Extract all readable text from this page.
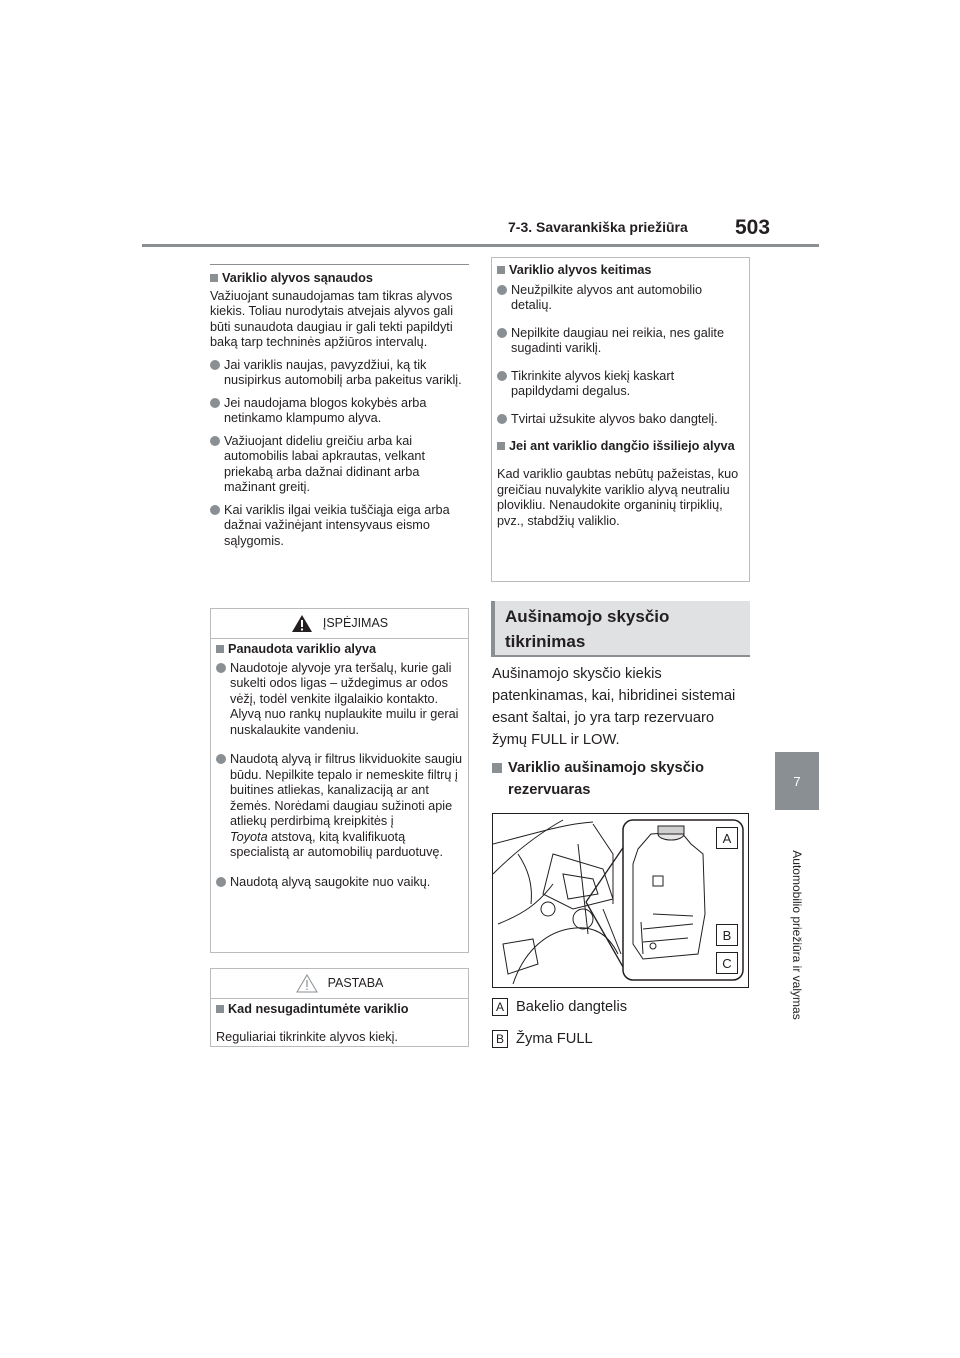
7-3. Savarankiška priežiūra 503
7
Automobilio priežiūra ir valymas
Variklio alyvos sąnaudos

Važiuojant sunaudojamas tam tikras alyvos kiekis. Toliau nurodytais atvejais alyvos gali būti sunaudota daugiau ir gali tekti papildyti baką tarp techninės apžiūros intervalų.

Jai variklis naujas, pavyzdžiui, ką tik nusipirkus automobilį arba pakeitus variklį.
Jei naudojama blogos kokybės arba netinkamo klampumo alyva.
Važiuojant dideliu greičiu arba kai automobilis labai apkrautas, velkant priekabą arba dažnai didinant arba mažinant greitį.
Kai variklis ilgai veikia tuščiąja eiga arba dažnai važinėjant intensyvaus eismo sąlygomis.
ĮSPĖJIMAS
Panaudota variklio alyva
Naudotoje alyvoje yra teršalų, kurie gali sukelti odos ligas – uždegimus ar odos vėžį, todėl venkite ilgalaikio kontakto. Alyvą nuo rankų nuplaukite muilu ir gerai nuskalaukite vandeniu.
Naudotą alyvą ir filtrus likviduokite saugiu būdu. Nepilkite tepalo ir nemeskite filtrų į buitines atliekas, kanalizaciją ar ant žemės. Norėdami daugiau sužinoti apie atliekų perdirbimą kreipkitės į
Toyota atstovą, kitą kvalifikuotą specialistą ar automobilių parduotuvę.
Naudotą alyvą saugokite nuo vaikų.
PASTABA
Kad nesugadintumėte variklio

Reguliariai tikrinkite alyvos kiekį.

Variklio alyvos keitimas
Neužpilkite alyvos ant automobilio detalių.
Nepilkite daugiau nei reikia, nes galite sugadinti variklį.
Tikrinkite alyvos kiekį kaskart papildydami degalus.
Tvirtai užsukite alyvos bako dangtelį.
Jei ant variklio dangčio išsiliejo alyva

Kad variklio gaubtas nebūtų pažeistas, kuo greičiau nuvalykite variklio alyvą neutraliu plovikliu. Nenaudokite organinių tirpiklių, pvz., stabdžių valiklio.

Aušinamojo skysčio tikrinimas
Aušinamojo skysčio kiekis patenkinamas, kai, hibridinei sistemai esant šaltai, jo yra tarp rezervuaro žymų FULL ir LOW.
Variklio aušinamojo skysčio rezervuaras
A
B
C
A Bakelio dangtelis
B Žyma FULL
